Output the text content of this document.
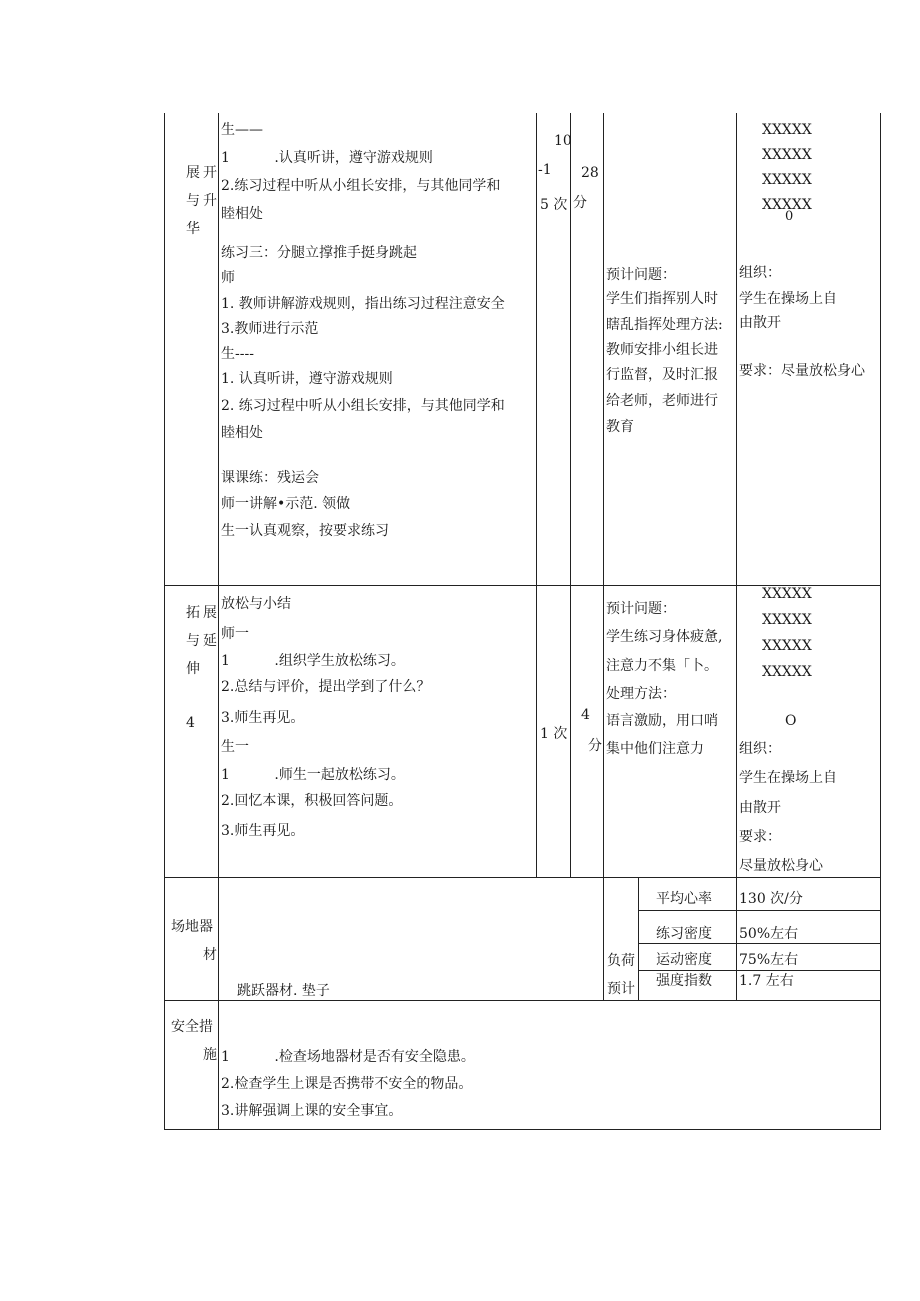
展 开
与 升
华
生——
1          .认真听讲，遵守游戏规则
2.练习过程中听从小组长安排，与其他同学和
睦相处
练习三：分腿立撑推手挺身跳起
师
1. 教师讲解游戏规则，指出练习过程注意安全
3.教师进行示范
生----
1. 认真听讲，遵守游戏规则
2. 练习过程中听从小组长安排，与其他同学和
睦相处
课课练：残运会
师一讲解•示范. 领做
生一认真观察，按要求练习
10
-1
5 次
28
分
预计问题：
学生们指挥别人时
瞎乱指挥处理方法:
教师安排小组长进
行监督，及时汇报
给老师，老师进行
教育
XXXXX
XXXXX
XXXXX
XXXXX
0
组织：
学生在操场上自
由散开
要求：尽量放松身心
拓 展
与 延
伸
4
放松与小结
师一
1          .组织学生放松练习。
2.总结与评价，提出学到了什么？
3.师生再见。
生一
1          .师生一起放松练习。
2.回忆本课，积极回答问题。
3.师生再见。
1 次
4
分
预计问题：
学生练习身体疲惫,
注意力不集「卜。
处理方法：
语言激励，用口哨
集中他们注意力
XXXXX
XXXXX
XXXXX
XXXXX
O
组织：
学生在操场上自
由散开
要求：
尽量放松身心
场地器
材
跳跃器材. 垫子
负荷
预计
平均心率 130 次/分
练习密度 50%左右
运动密度 75%左右
强度指数 1.7 左右
安全措
施 1          .检查场地器材是否有安全隐患。
2.检查学生上课是否携带不安全的物品。
3.讲解强调上课的安全事宜。
